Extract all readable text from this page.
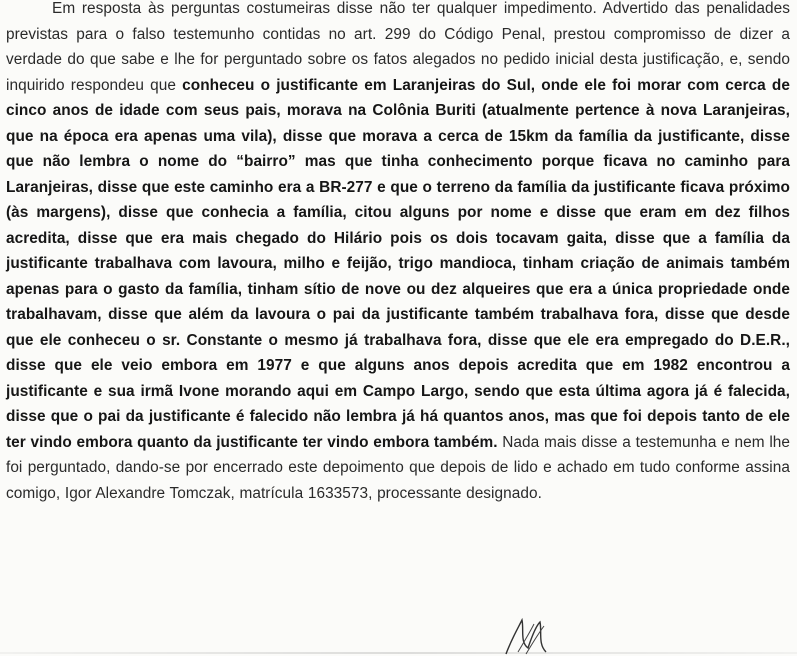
Em resposta às perguntas costumeiras disse não ter qualquer impedimento. Advertido das penalidades previstas para o falso testemunho contidas no art. 299 do Código Penal, prestou compromisso de dizer a verdade do que sabe e lhe for perguntado sobre os fatos alegados no pedido inicial desta justificação, e, sendo inquirido respondeu que conheceu o justificante em Laranjeiras do Sul, onde ele foi morar com cerca de cinco anos de idade com seus pais, morava na Colônia Buriti (atualmente pertence à nova Laranjeiras, que na época era apenas uma vila), disse que morava a cerca de 15km da família da justificante, disse que não lembra o nome do “bairro” mas que tinha conhecimento porque ficava no caminho para Laranjeiras, disse que este caminho era a BR-277 e que o terreno da família da justificante ficava próximo (às margens), disse que conhecia a família, citou alguns por nome e disse que eram em dez filhos acredita, disse que era mais chegado do Hilário pois os dois tocavam gaita, disse que a família da justificante trabalhava com lavoura, milho e feijão, trigo mandioca, tinham criação de animais também apenas para o gasto da família, tinham sítio de nove ou dez alqueires que era a única propriedade onde trabalhavam, disse que além da lavoura o pai da justificante também trabalhava fora, disse que desde que ele conheceu o sr. Constante o mesmo já trabalhava fora, disse que ele era empregado do D.E.R., disse que ele veio embora em 1977 e que alguns anos depois acredita que em 1982 encontrou a justificante e sua irmã Ivone morando aqui em Campo Largo, sendo que esta última agora já é falecida, disse que o pai da justificante é falecido não lembra já há quantos anos, mas que foi depois tanto de ele ter vindo embora quanto da justificante ter vindo embora também. Nada mais disse a testemunha e nem lhe foi perguntado, dando-se por encerrado este depoimento que depois de lido e achado em tudo conforme assina comigo, Igor Alexandre Tomczak, matrícula 1633573, processante designado.
